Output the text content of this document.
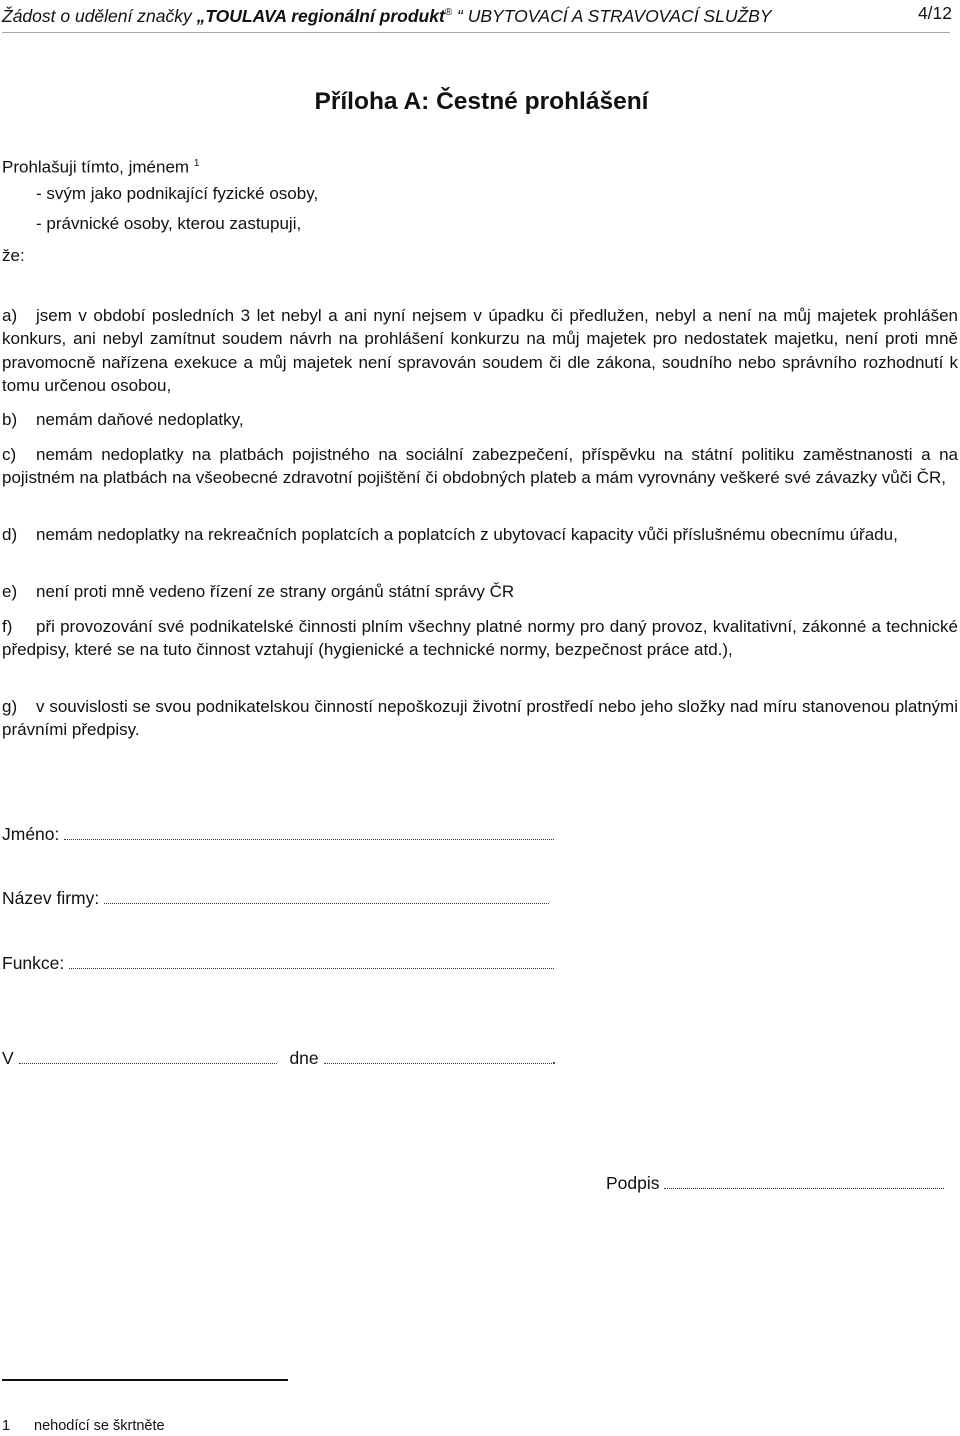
Žádost o udělení značky „TOULAVA regionální produkt® “ UBYTOVACÍ A STRAVOVACÍ SLUŽBY	4/12
Příloha A: Čestné prohlášení
Prohlašuji tímto, jménem $^1$
- svým jako podnikající fyzické osoby,
- právnické osoby, kterou zastupuji,
že:

a) jsem v období posledních 3 let nebyl a ani nyní nejsem v úpadku či předlužen, nebyl a není na můj majetek prohlášen konkurs, ani nebyl zamítnut soudem návrh na prohlášení konkurzu na můj majetek pro nedostatek majetku, není proti mně pravomocně nařízena exekuce a můj majetek není spravován soudem či dle zákona, soudního nebo správního rozhodnutí k tomu určenou osobou,

b) nemám daňové nedoplatky,

c) nemám nedoplatky na platbách pojistného na sociální zabezpečení, příspěvku na státní politiku zaměstnanosti a na pojistném na platbách na všeobecné zdravotní pojištění či obdobných plateb a mám vyrovnány veškeré své závazky vůči ČR,

d) nemám nedoplatky na rekreačních poplatcích a poplatcích z ubytovací kapacity vůči příslušnému obecnímu úřadu,

e) není proti mně vedeno řízení ze strany orgánů státní správy ČR

f) při provozování své podnikatelské činnosti plním všechny platné normy pro daný provoz, kvalitativní, zákonné a technické předpisy, které se na tuto činnost vztahují (hygienické a technické normy, bezpečnost práce atd.),

g) v souvislosti se svou podnikatelskou činností nepoškozuji životní prostředí nebo jeho složky nad míru stanovenou platnými právními předpisy.

Jméno:
Název firmy:
Funkce:
V	dne	.
Podpis
1 nehodící se škrtněte
